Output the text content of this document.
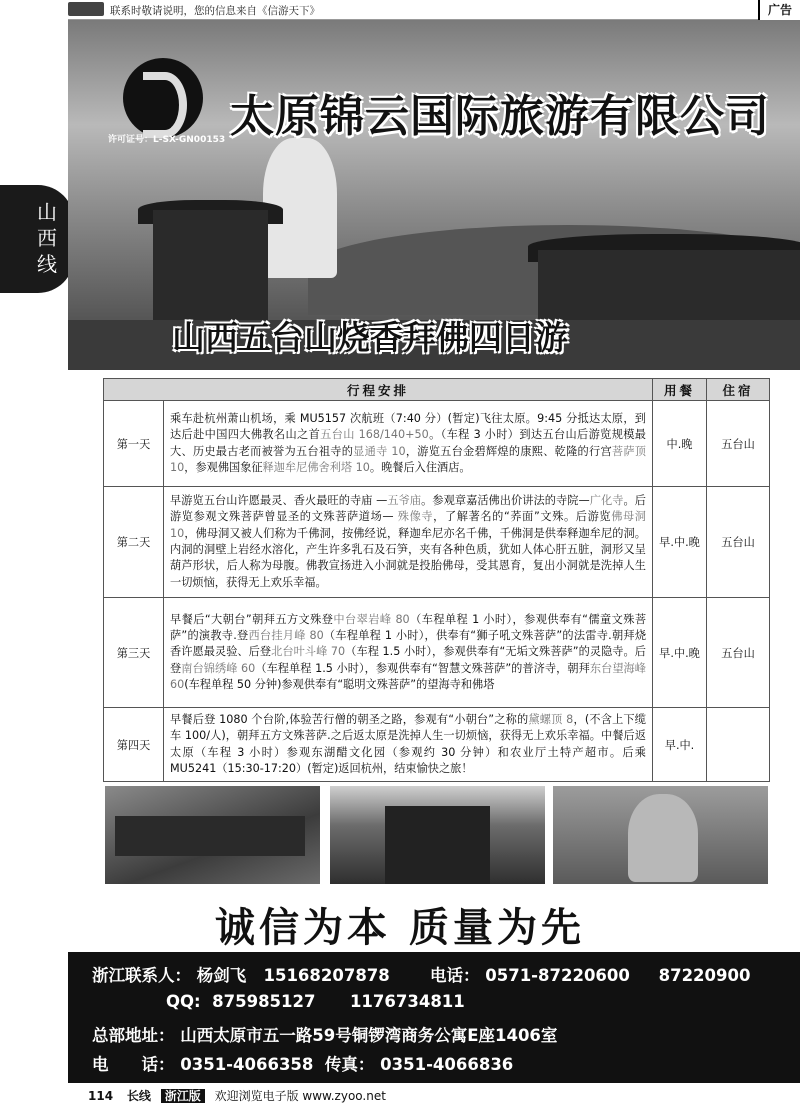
联系时敬请说明，您的信息来自《信游天下》	广告
山西线
许可证号：L-SX-GN00153 太原锦云国际旅游有限公司
山西五台山烧香拜佛四日游
行程安排		用餐	住宿
第一天	乘车赴杭州萧山机场，乘 MU5157 次航班（7:40 分）(暂定)飞往太原。9:45 分抵达太原，到达后赴中国四大佛教名山之首五台山 168/140+50。（车程 3 小时）到达五台山后游览规模最大、历史最古老而被誉为五台祖寺的显通寺 10，游览五台金碧辉煌的康熙、乾隆的行宫菩萨顶 10，参观佛国象征释迦牟尼佛舍利塔 10。晚餐后入住酒店。	中.晚	五台山
第二天	早游览五台山许愿最灵、香火最旺的寺庙 —五爷庙。参观章嘉活佛出价讲法的寺院—广化寺。后游览参观文殊菩萨曾显圣的文殊菩萨道场— 殊像寺，了解著名的“荞面”文殊。后游览佛母洞 10，佛母洞又被人们称为千佛洞，按佛经说，释迦牟尼亦名千佛，千佛洞是供奉释迦牟尼的洞。内洞的洞壁上岩经水溶化，产生许多乳石及石笋，夹有各种色质，犹如人体心肝五脏，洞形又呈葫芦形状，后人称为母腹。佛教宣扬进入小洞就是投胎佛母，受其恩育，复出小洞就是洗掉人生一切烦恼，获得无上欢乐幸福。	早.中.晚	五台山
第三天	早餐后“大朝台”朝拜五方文殊登中台翠岩峰 80（车程单程 1 小时），参观供奉有“儒童文殊菩萨”的演教寺.登西台挂月峰 80（车程单程 1 小时），供奉有“狮子吼文殊菩萨”的法雷寺.朝拜烧香许愿最灵验、后登北台叶斗峰 70（车程 1.5 小时），参观供奉有“无垢文殊菩萨”的灵隐寺。后登南台锦绣峰 60（车程单程 1.5 小时），参观供奉有“智慧文殊菩萨”的普济寺，朝拜东台望海峰 60(车程单程 50 分钟)参观供奉有“聪明文殊菩萨”的望海寺和佛塔	早.中.晚	五台山
第四天	早餐后登 1080 个台阶,体验苦行僧的朝圣之路，参观有“小朝台”之称的黛螺顶 8，(不含上下缆车 100/人)，朝拜五方文殊菩萨.之后返太原是洗掉人生一切烦恼，获得无上欢乐幸福。中餐后返太原（车程 3 小时）参观东湖醋文化园（参观约 30 分钟）和农业厅土特产超市。后乘 MU5241（15:30-17:20）(暂定)返回杭州，结束愉快之旅！	早.中.	
诚信为本 质量为先
浙江联系人： 杨剑飞 15168207878 电话： 0571-87220600 87220900
QQ: 875985127 1176734811
总部地址： 山西太原市五一路59号铜锣湾商务公寓E座1406室
电　　话： 0351-4066358 传真： 0351-4066836
114 长线 浙江版 欢迎浏览电子版 www.zyoo.net
